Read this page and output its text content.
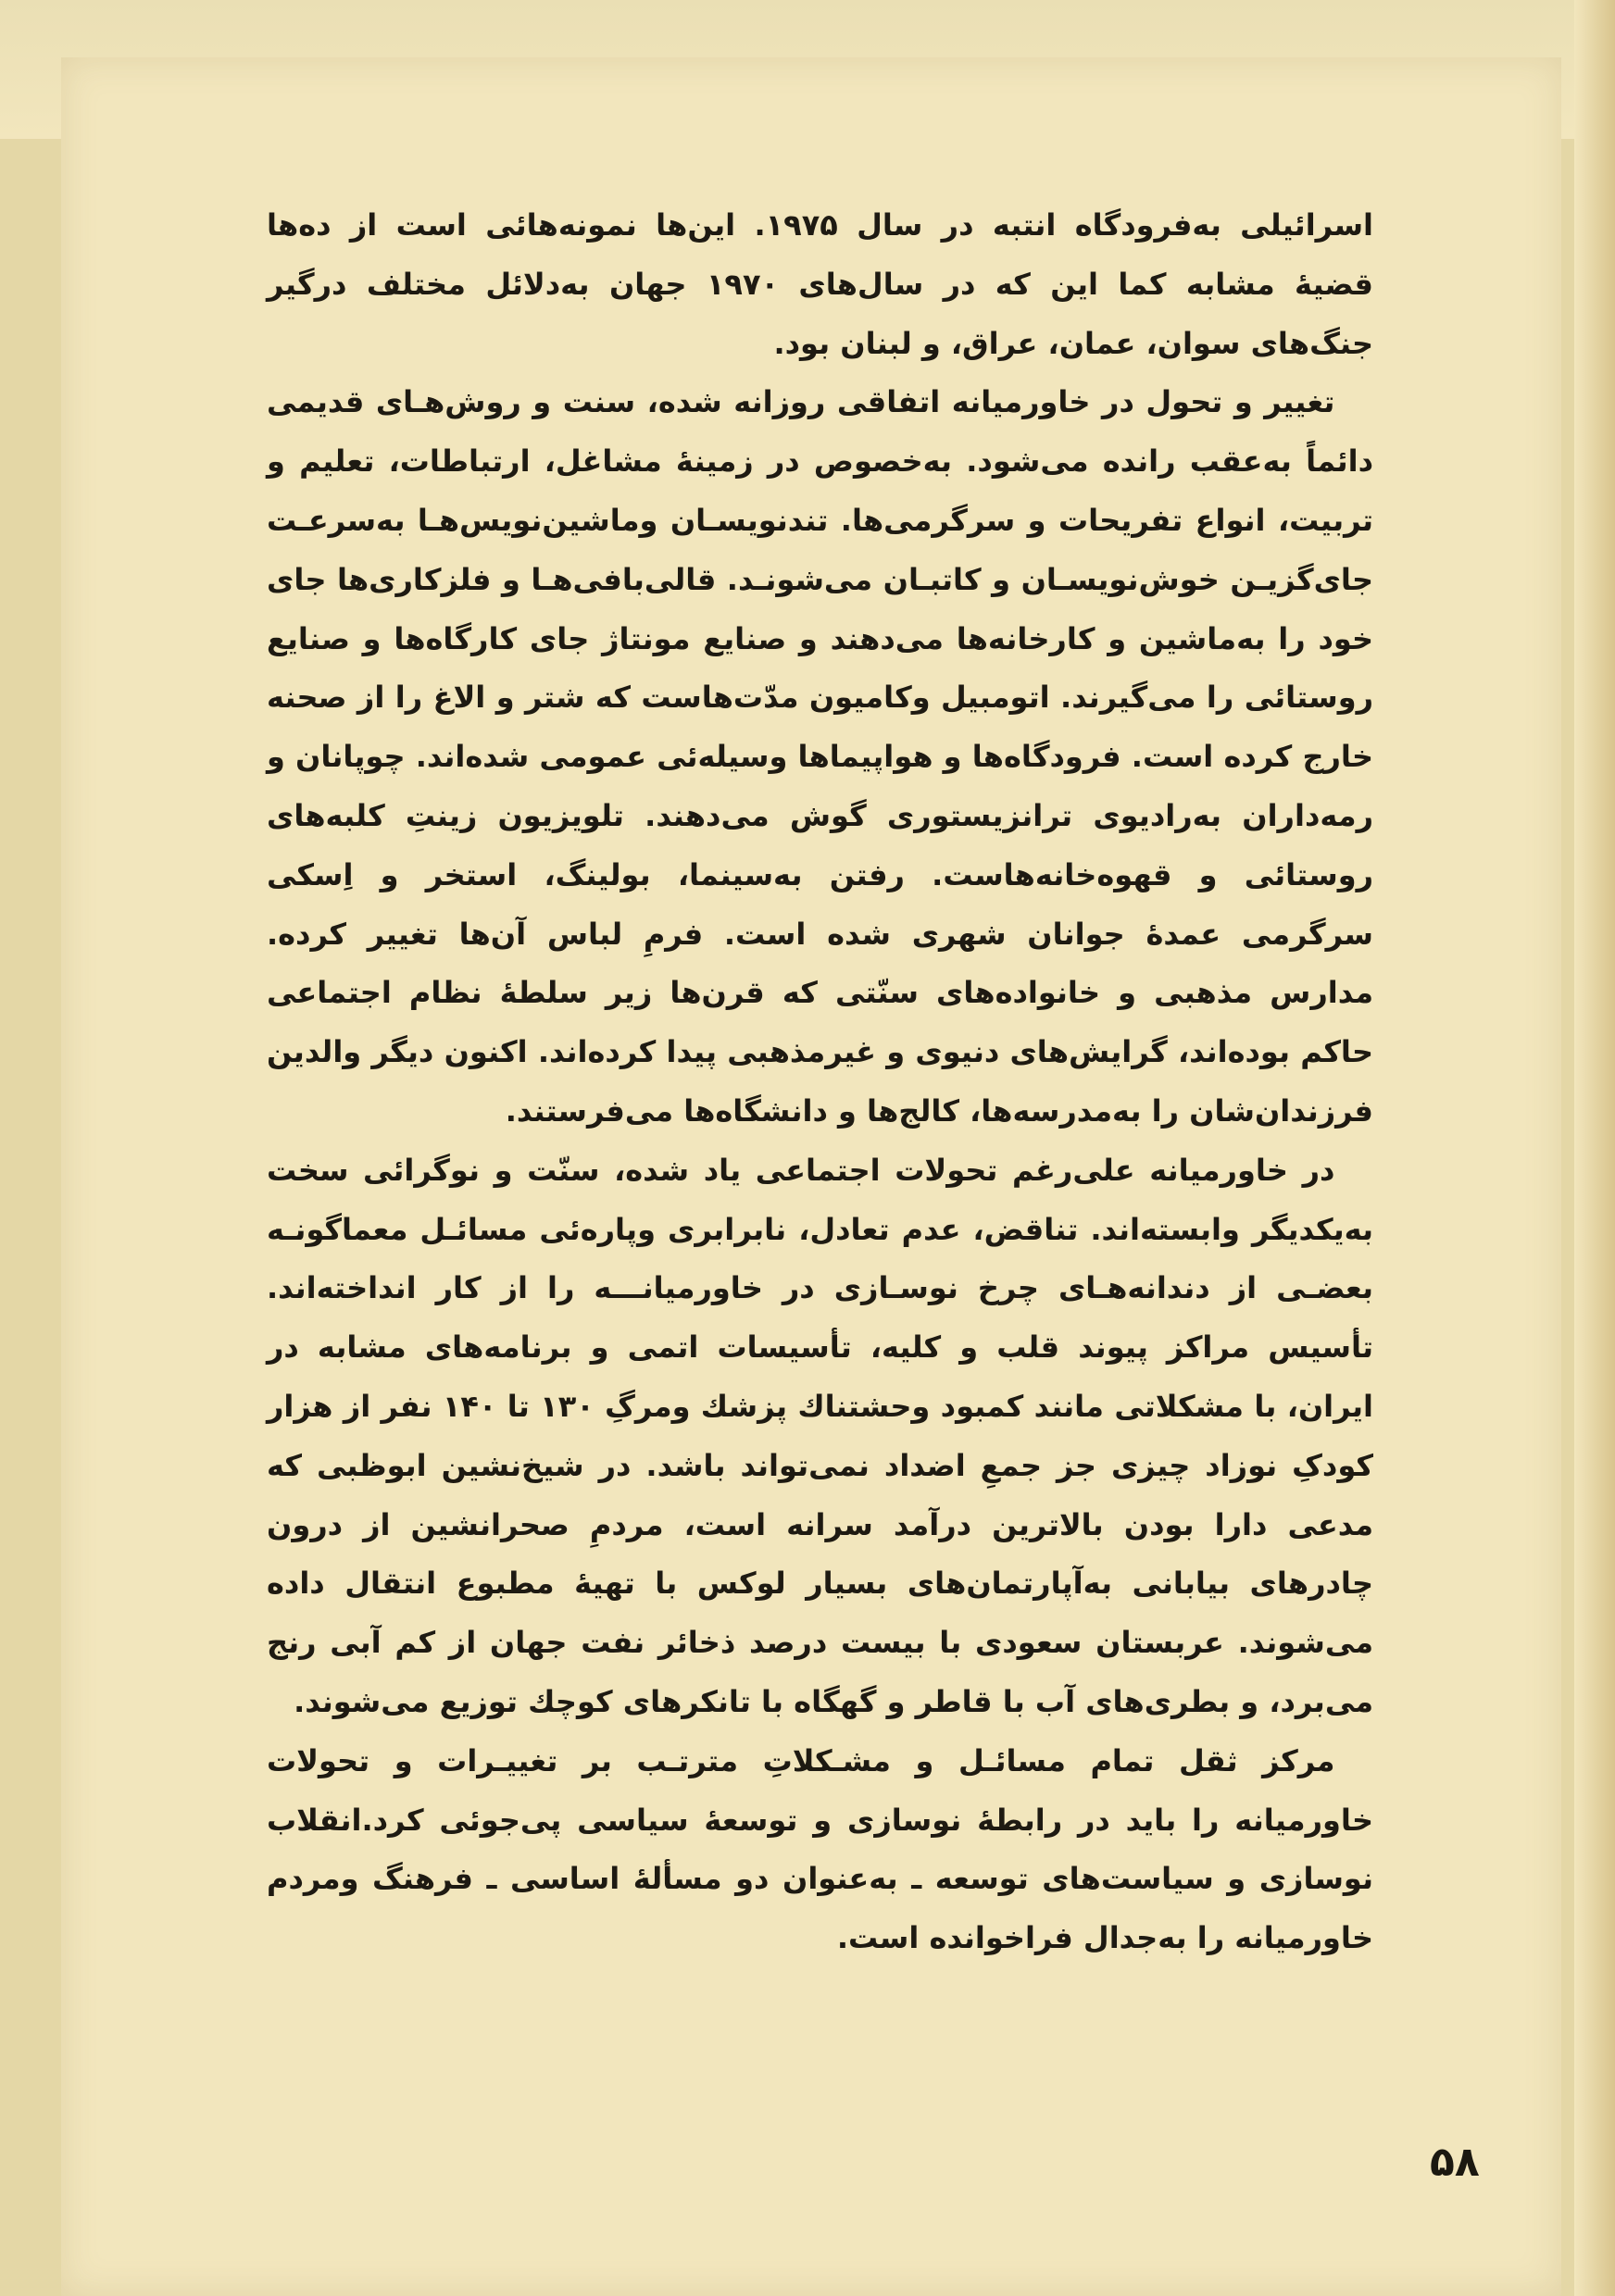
اسرائیلی به‌فرودگاه انتبه در سال ۱۹۷۵. این‌ها نمونه‌هائی است از ده‌ها قضیهٔ مشابه کما این که در سال‌های ۱۹۷۰ جهان به‌دلائل مختلف درگیر جنگ‌های سوان، عمان، عراق، و لبنان بود.

تغییر و تحول در خاورمیانه اتفاقی روزانه شده، سنت و روش‌هـای قدیمی دائماً به‌عقب رانده می‌شود. به‌خصوص در زمینهٔ مشاغل، ارتباطات، تعلیم و تربیت، انواع تفریحات و سرگرمی‌ها. تندنویسـان وماشین‌نویس‌هـا به‌سرعـت جای‌گزیـن خوش‌نویسـان و کاتبـان می‌شونـد. قالی‌بافی‌هـا و فلزکاری‌ها جای خود را به‌ماشین و کارخانه‌ها می‌دهند و صنایع مونتاژ جای کارگاه‌ها و صنایع روستائی را می‌گیرند. اتومبیل وکامیون مدّت‌هاست که شتر و الاغ را از صحنه خارج کرده است. فرودگاه‌ها و هواپیماها وسیله‌ئی عمومی شده‌اند. چوپانان و رمه‌داران به‌رادیوی ترانزیستوری گوش می‌دهند. تلویزیون زینتِ کلبه‌های روستائی و قهوه‌خانه‌هاست. رفتن به‌سینما، بولینگ، استخر و اِسکی سرگرمی عمدهٔ جوانان شهری شده است. فرمِ لباس آن‌ها تغییر کرده. مدارس مذهبی و خانواده‌های سنّتی که قرن‌ها زیر سلطهٔ نظام اجتماعی حاکم بوده‌اند، گرایش‌های دنیوی و غیرمذهبی پیدا کرده‌اند. اکنون دیگر والدین فرزندان‌شان را به‌مدرسه‌ها، کالج‌ها و دانشگاه‌ها می‌فرستند.

در خاورمیانه علی‌رغم تحولات اجتماعی یاد شده، سنّت و نوگرائی سخت به‌یکدیگر وابسته‌اند. تناقض، عدم تعادل، نابرابری وپاره‌ئی مسائـل معماگونـه بعضـی از دندانه‌هـای چرخ نوسـازی در خاورمیانـــه را از کار انداخته‌اند. تأسیس مراکز پیوند قلب و کلیه، تأسیسات اتمی و برنامه‌های مشابه در ایران، با مشکلاتی مانند کمبود وحشتناك پزشك ومرگِ ۱۳۰ تا ۱۴۰ نفر از هزار کودکِ نوزاد چیزی جز جمعِ اضداد نمی‌تواند باشد. در شیخ‌نشین ابوظبی که مدعی دارا بودن بالاترین درآمد سرانه است، مردمِ صحرانشین از درون چادرهای بیابانی به‌آپارتمان‌های بسیار لوکس با تهیهٔ مطبوع انتقال داده می‌شوند. عربستان سعودی با بیست درصد ذخائر نفت جهان از کم آبی رنج می‌برد، و بطری‌های آب با قاطر و گهگاه با تانکرهای کوچك توزیع می‌شوند.

مرکز ثقل تمام مسائـل و مشـکلاتِ مترتـب بر تغییـرات و تحولات خاورمیانه را باید در رابطهٔ نوسازی و توسعهٔ سیاسی پی‌جوئی کرد.انقلاب نوسازی و سیاست‌های توسعه ـ به‌عنوان دو مسألهٔ اساسی ـ فرهنگ ومردم خاورمیانه را به‌جدال فراخوانده است.

۵۸
